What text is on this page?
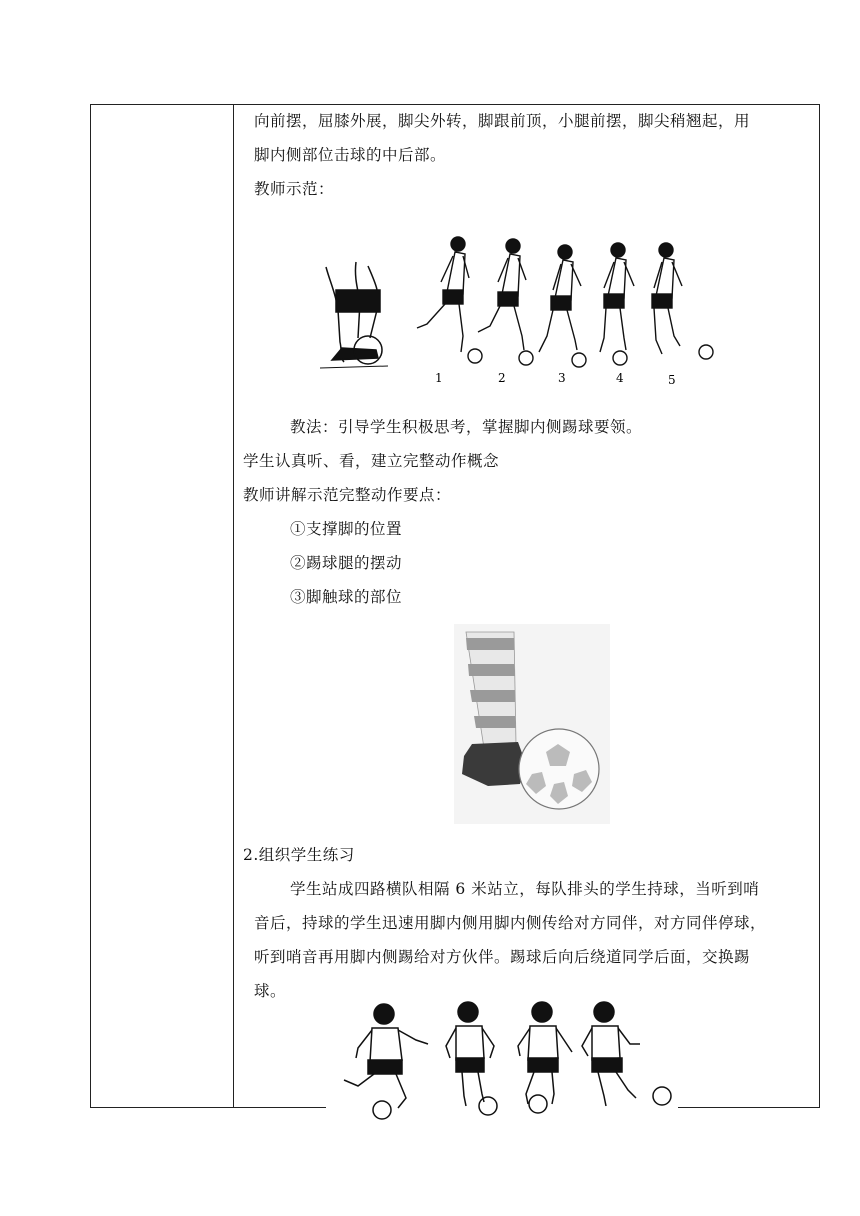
向前摆，屈膝外展，脚尖外转，脚跟前顶，小腿前摆，脚尖稍翘起，用
脚内侧部位击球的中后部。
教师示范：
1	2	3	4	5
教法：引导学生积极思考，掌握脚内侧踢球要领。
学生认真听、看，建立完整动作概念
教师讲解示范完整动作要点：
①支撑脚的位置
②踢球腿的摆动
③脚触球的部位
2.组织学生练习
学生站成四路横队相隔 6 米站立，每队排头的学生持球，当听到哨
音后，持球的学生迅速用脚内侧用脚内侧传给对方同伴，对方同伴停球，
听到哨音再用脚内侧踢给对方伙伴。踢球后向后绕道同学后面，交换踢
球。
